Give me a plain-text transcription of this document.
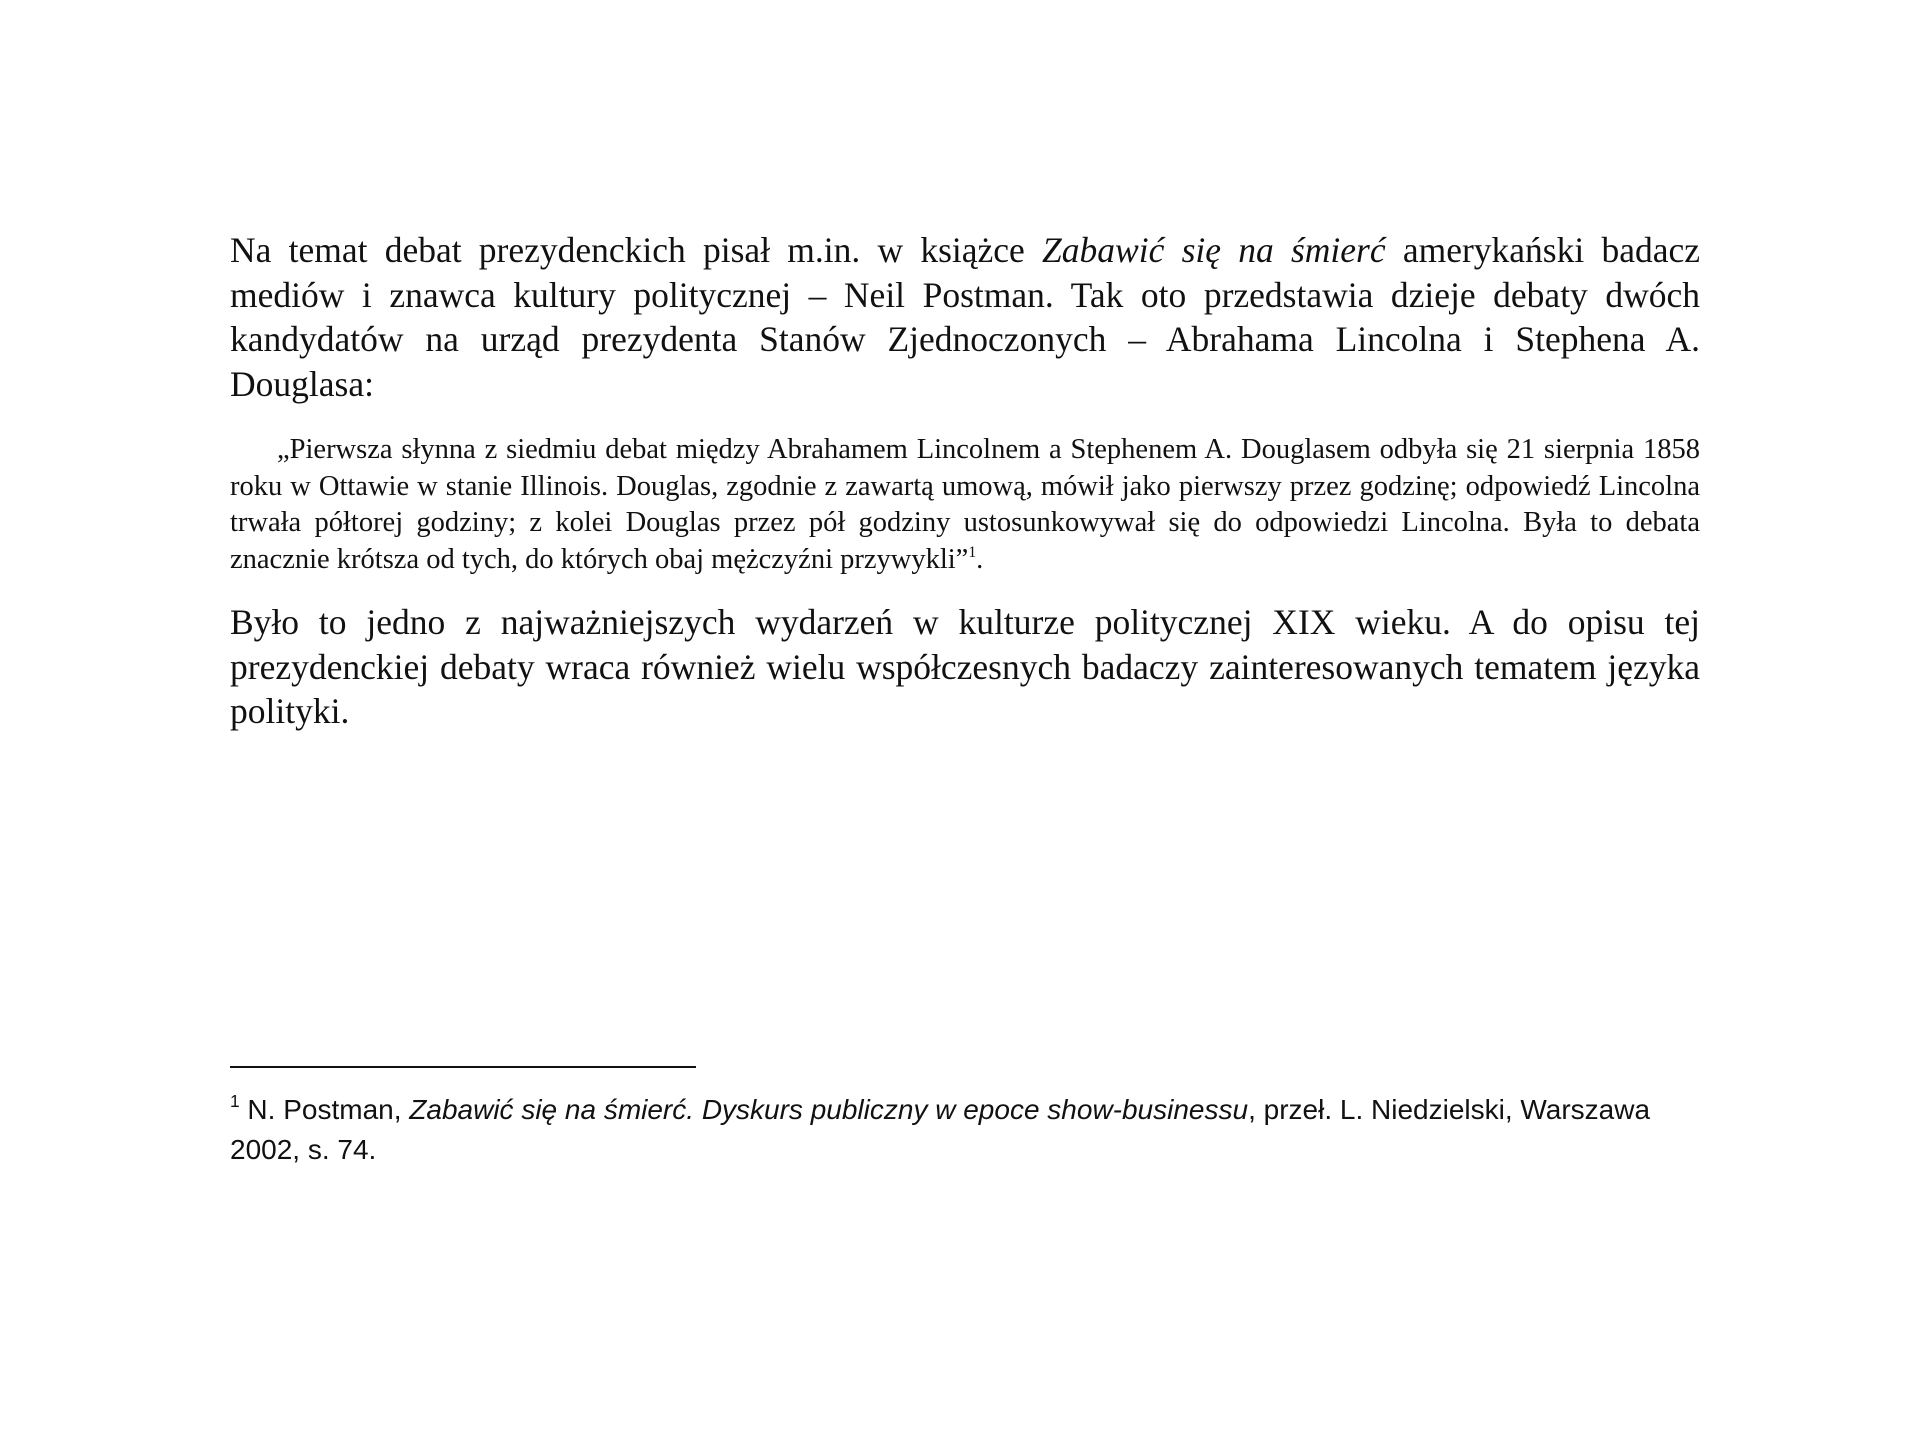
Na temat debat prezydenckich pisał m.in. w książce Zabawić się na śmierć amerykański badacz mediów i znawca kultury politycznej – Neil Postman. Tak oto przedstawia dzieje debaty dwóch kandydatów na urząd prezydenta Stanów Zjednoczonych – Abrahama Lincolna i Stephena A. Douglasa:

„Pierwsza słynna z siedmiu debat między Abrahamem Lincolnem a Stephenem A. Douglasem odbyła się 21 sierpnia 1858 roku w Ottawie w stanie Illinois. Douglas, zgodnie z zawartą umową, mówił jako pierwszy przez godzinę; odpowiedź Lincolna trwała półtorej godziny; z kolei Douglas przez pół godziny ustosunkowywał się do odpowiedzi Lincolna. Była to debata znacznie krótsza od tych, do których obaj mężczyźni przywykli”$^1$.

Było to jedno z najważniejszych wydarzeń w kulturze politycznej XIX wieku. A do opisu tej prezydenckiej debaty wraca również wielu współczesnych badaczy zainteresowanych tematem języka polityki.

$^1$ N. Postman, Zabawić się na śmierć. Dyskurs publiczny w epoce show-businessu, przeł. L. Niedzielski, Warszawa 2002, s. 74.
